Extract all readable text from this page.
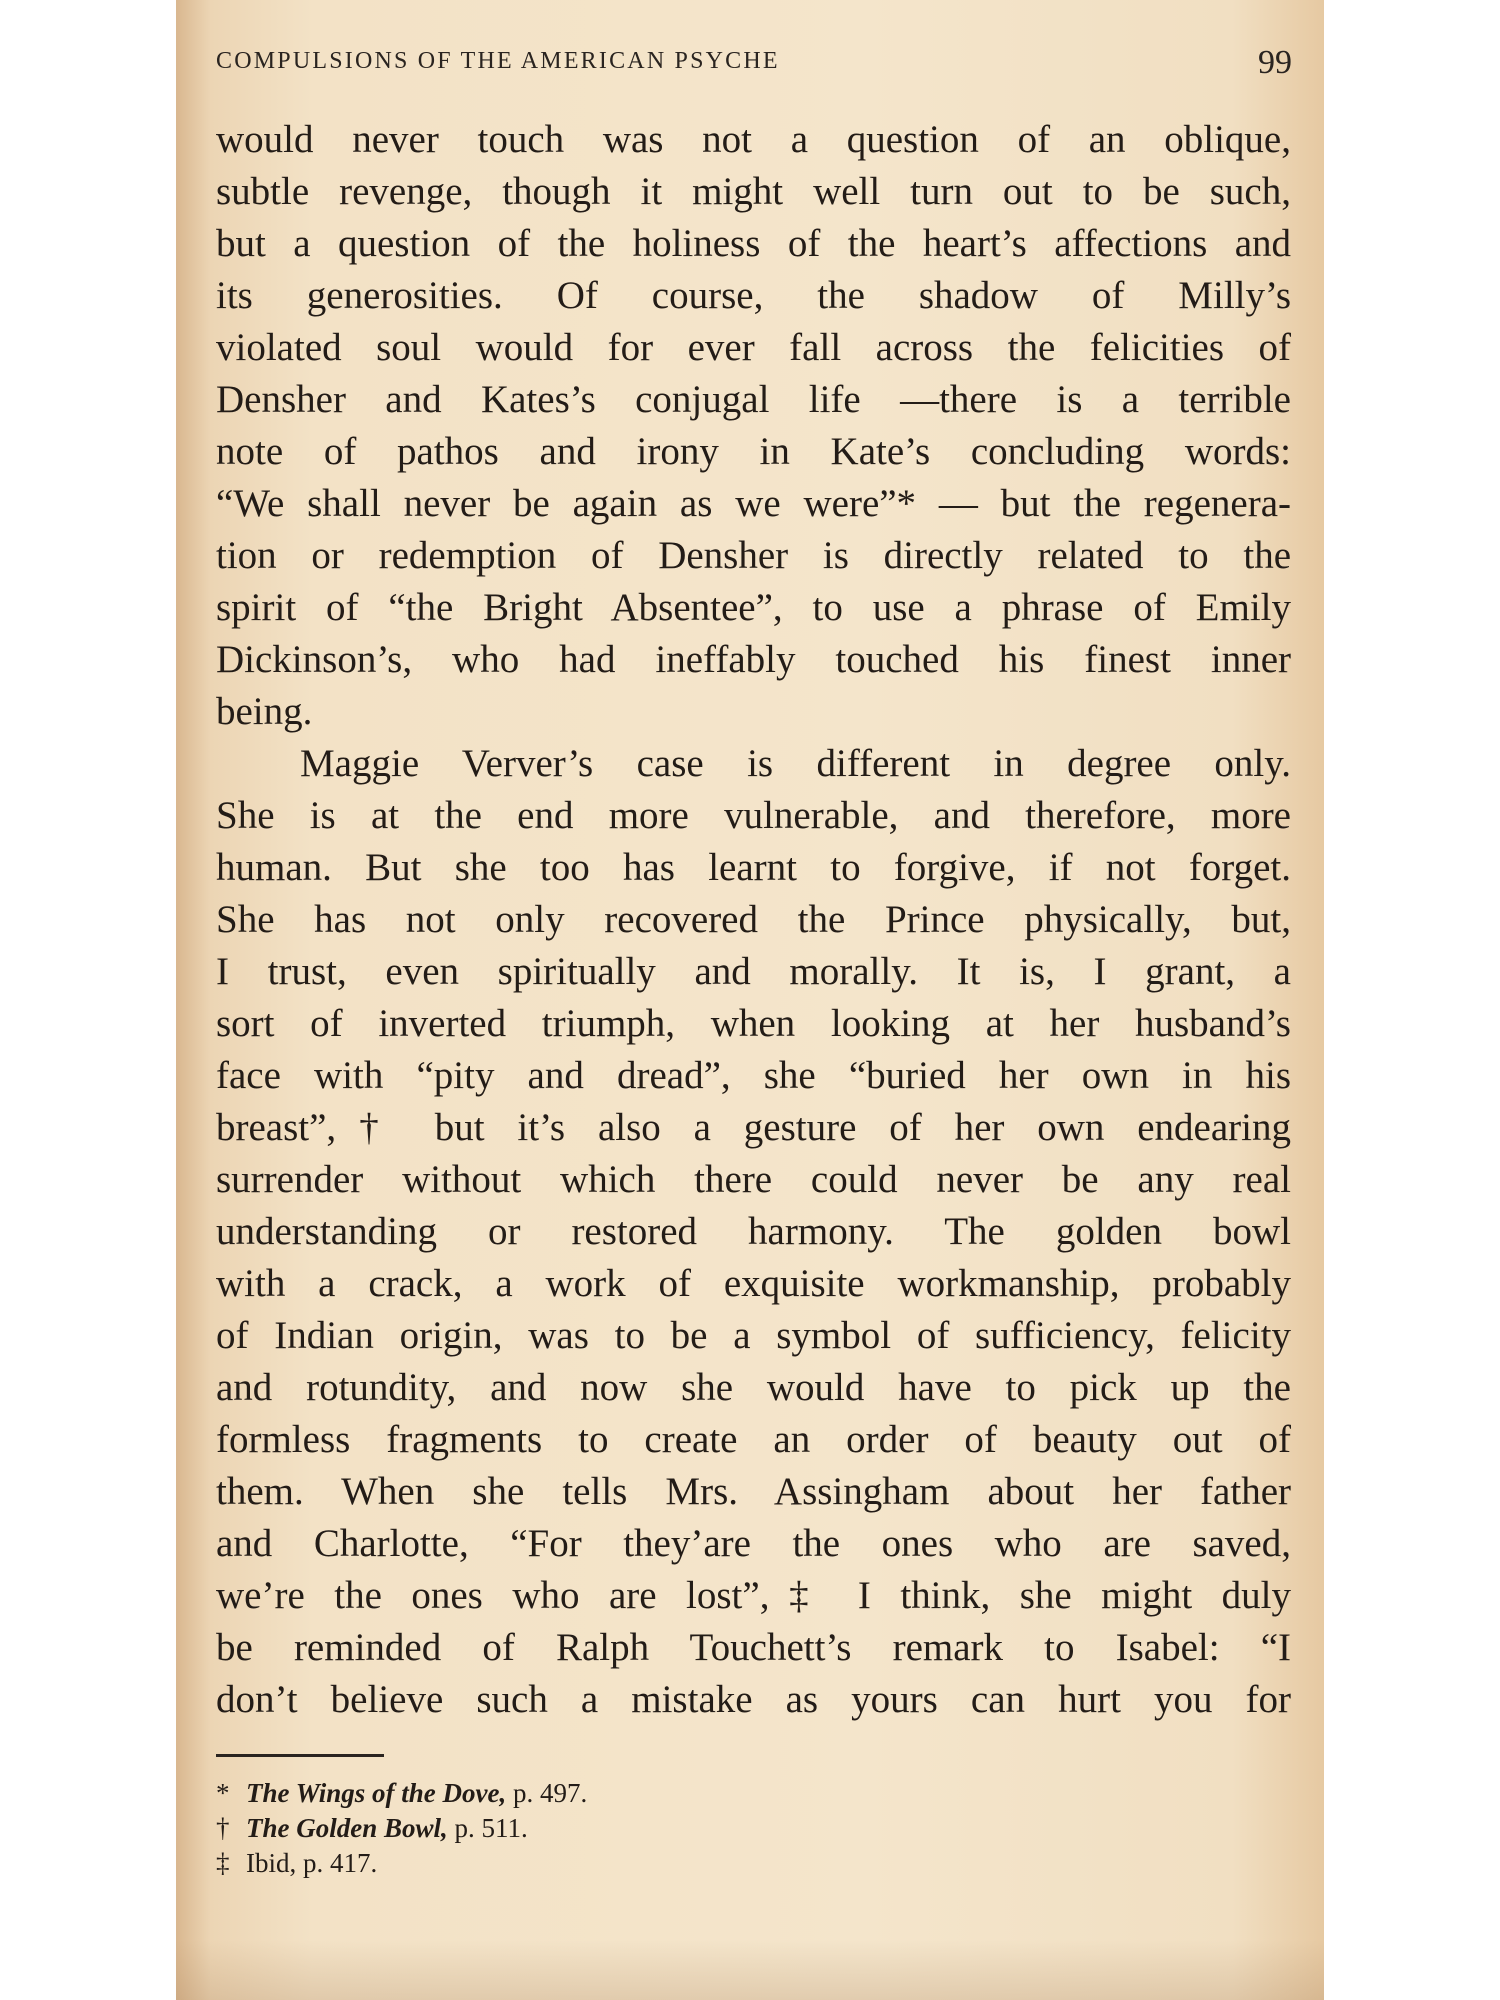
COMPULSIONS OF THE AMERICAN PSYCHE	99
would never touch was not a question of an oblique,
subtle revenge, though it might well turn out to be such,
but a question of the holiness of the heart’s affections and
its generosities. Of course, the shadow of Milly’s
violated soul would for ever fall across the felicities of
Densher and Kates’s conjugal life —there is a terrible
note of pathos and irony in Kate’s concluding words:
“We shall never be again as we were”* — but the regenera-
tion or redemption of Densher is directly related to the
spirit of “the Bright Absentee”, to use a phrase of Emily
Dickinson’s, who had ineffably touched his finest inner
being.
Maggie Verver’s case is different in degree only.
She is at the end more vulnerable, and therefore, more
human. But she too has learnt to forgive, if not forget.
She has not only recovered the Prince physically, but,
I trust, even spiritually and morally. It is, I grant, a
sort of inverted triumph, when looking at her husband’s
face with “pity and dread”, she “buried her own in his
breast”,† but it’s also a gesture of her own endearing
surrender without which there could never be any real
understanding or restored harmony. The golden bowl
with a crack, a work of exquisite workmanship, probably
of Indian origin, was to be a symbol of sufficiency, felicity
and rotundity, and now she would have to pick up the
formless fragments to create an order of beauty out of
them. When she tells Mrs. Assingham about her father
and Charlotte, “For they’are the ones who are saved,
we’re the ones who are lost”,‡ I think, she might duly
be reminded of Ralph Touchett’s remark to Isabel: “I
don’t believe such a mistake as yours can hurt you for
* The Wings of the Dove, p. 497.
† The Golden Bowl, p. 511.
‡ Ibid, p. 417.
